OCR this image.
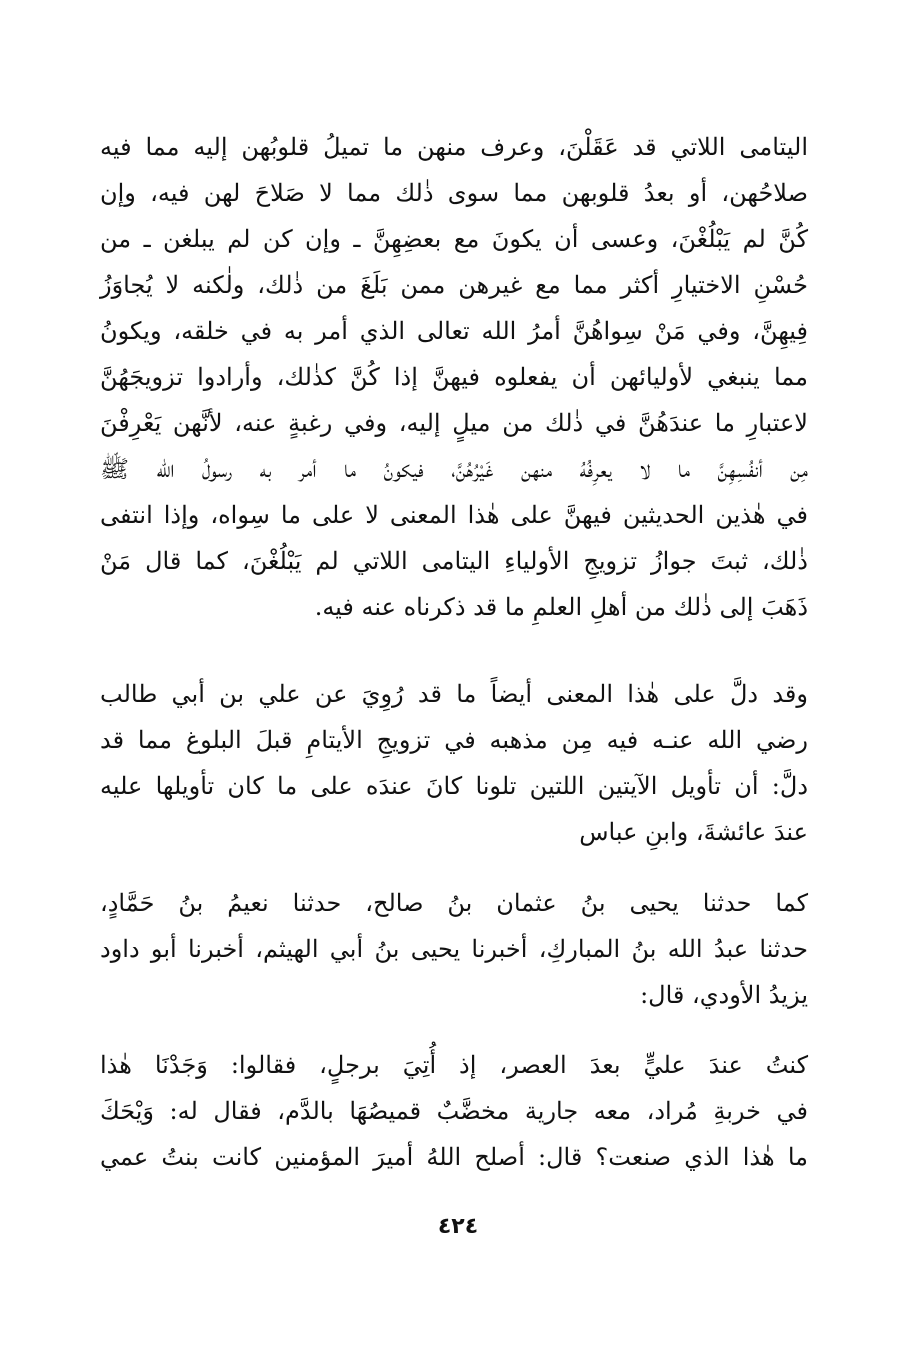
اليتامى اللاتي قد عَقَلْنَ، وعرف منهن ما تميلُ قلوبُهن إليه مما فيه
صلاحُهن، أو بعدُ قلوبهن مما سوى ذٰلك مما لا صَلاحَ لهن فيه، وإن
كُنَّ لم يَبْلُغْنَ، وعسى أن يكونَ مع بعضِهِنَّ ـ وإن كن لم يبلغن ـ من
حُسْنِ الاختيارِ أكثر مما مع غيرهن ممن بَلَغَ من ذٰلك، ولٰكنه لا يُجاوَزُ
فِيهِنَّ، وفي مَنْ سِواهُنَّ أمرُ الله تعالى الذي أمر به في خلقه، ويكونُ
مما ينبغي لأوليائهن أن يفعلوه فيهنَّ إذا كُنَّ كذٰلك، وأرادوا تزويجَهُنَّ
لاعتبارِ ما عندَهُنَّ في ذٰلك من ميلٍ إليه، وفي رغبةٍ عنه، لأنَّهن يَعْرِفْنَ
مِن أنفُسِهِنَّ ما لا يعرِفُهُ منهن غَيْرُهُنَّ، فيكونُ ما أمر به رسولُ الله ﷺ
في هٰذين الحديثين فيهنَّ على هٰذا المعنى لا على ما سِواه، وإذا انتفى
ذٰلك، ثبتَ جوازُ تزويجِ الأولياءِ اليتامى اللاتي لم يَبْلُغْنَ، كما قال مَنْ
ذَهَبَ إلى ذٰلك من أهلِ العلمِ ما قد ذكرناه عنه فيه.
وقد دلَّ على هٰذا المعنى أيضاً ما قد رُوِيَ عن علي بن أبي طالب
رضي الله عنـه فيه مِن مذهبه في تزويجِ الأيتامِ قبلَ البلوغ مما قد
دلَّ: أن تأويل الآيتين اللتين تلونا كانَ عندَه على ما كان تأويلها عليه
عندَ عائشةَ، وابنِ عباس
كما حدثنا يحيى بنُ عثمان بنُ صالح، حدثنا نعيمُ بنُ حَمَّادٍ،
حدثنا عبدُ الله بنُ المباركِ، أخبرنا يحيى بنُ أبي الهيثم، أخبرنا أبو داود
يزيدُ الأودي، قال:
كنتُ عندَ عليٍّ بعدَ العصر، إذ أُتِيَ برجلٍ، فقالوا: وَجَدْنَا هٰذا
في خربةِ مُراد، معه جارية مخضَّبٌ قميصُهَا بالدَّم، فقال له: وَيْحَكَ
ما هٰذا الذي صنعت؟ قال: أصلح اللهُ أميرَ المؤمنين كانت بنتُ عمي
٤٢٤
